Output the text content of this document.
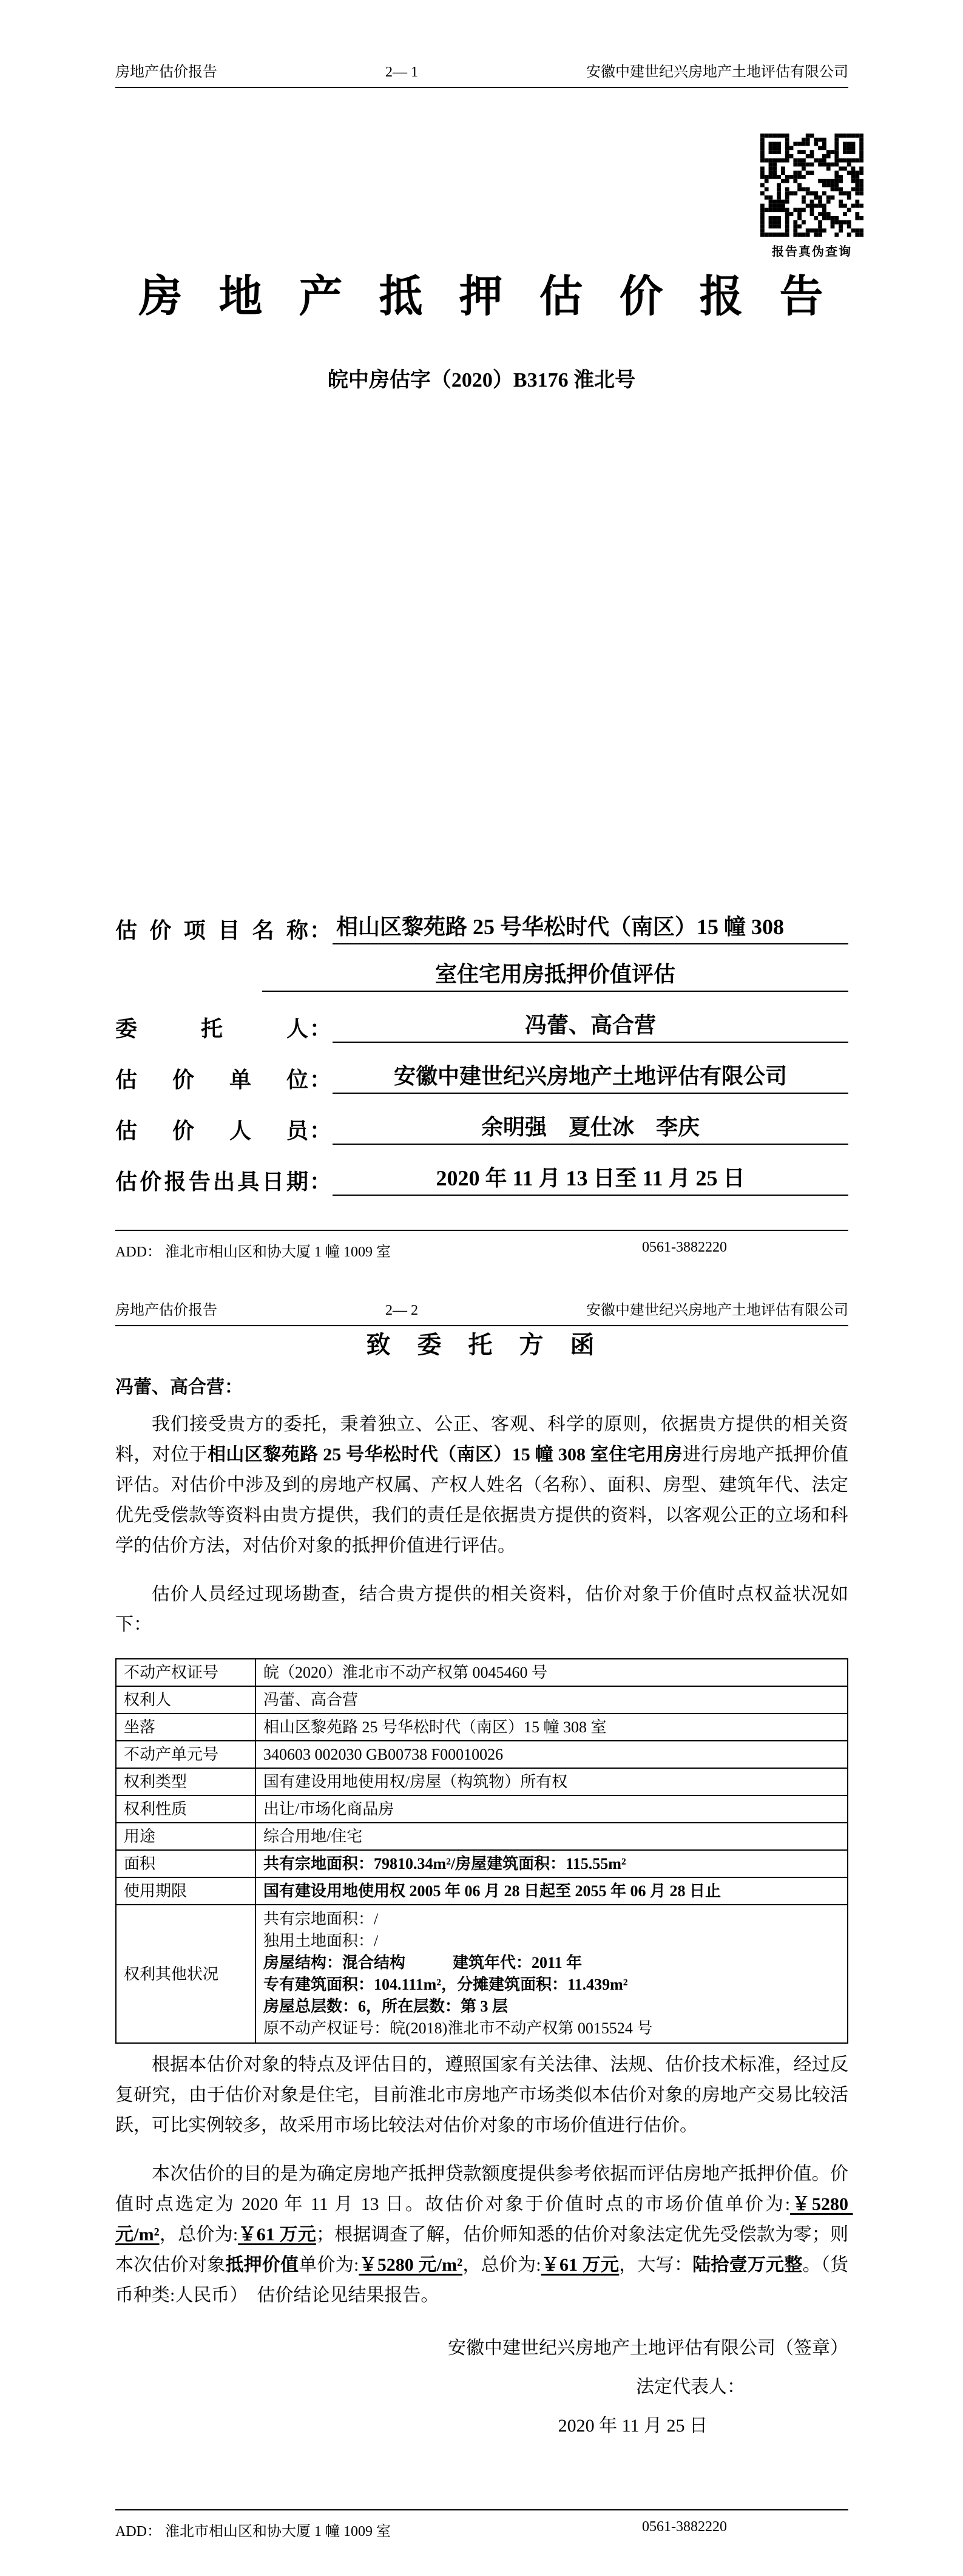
房地产估价报告	2— 1	安徽中建世纪兴房地产土地评估有限公司
报告真伪查询
房 地 产 抵 押 估 价 报 告
皖中房估字（2020）B3176 淮北号
估价项目名称 ： 相山区黎苑路 25 号华松时代（南区）15 幢 308
室住宅用房抵押价值评估
委托人 ：	冯蕾、高合营
估价单位 ：	安徽中建世纪兴房地产土地评估有限公司
估价人员 ：	余明强　夏仕冰　李庆
估价报告出具日期 ：	2020 年 11 月 13 日至 11 月 25 日
ADD： 淮北市相山区和协大厦 1 幢 1009 室	0561-3882220
房地产估价报告	2— 2	安徽中建世纪兴房地产土地评估有限公司
致 委 托 方 函
冯蕾、高合营：

我们接受贵方的委托，秉着独立、公正、客观、科学的原则，依据贵方提供的相关资料，对位于相山区黎苑路 25 号华松时代（南区）15 幢 308 室住宅用房进行房地产抵押价值评估。对估价中涉及到的房地产权属、产权人姓名（名称）、面积、房型、建筑年代、法定优先受偿款等资料由贵方提供，我们的责任是依据贵方提供的资料，以客观公正的立场和科学的估价方法，对估价对象的抵押价值进行评估。

估价人员经过现场勘查，结合贵方提供的相关资料，估价对象于价值时点权益状况如下：

不动产权证号	皖（2020）淮北市不动产权第 0045460 号
权利人	冯蕾、高合营
坐落	相山区黎苑路 25 号华松时代（南区）15 幢 308 室
不动产单元号	340603 002030 GB00738 F00010026
权利类型	国有建设用地使用权/房屋（构筑物）所有权
权利性质	出让/市场化商品房
用途	综合用地/住宅
面积	共有宗地面积：79810.34m²/房屋建筑面积：115.55m²
使用期限	国有建设用地使用权 2005 年 06 月 28 日起至 2055 年 06 月 28 日止
权利其他状况	
共有宗地面积：/
独用土地面积：/
房屋结构：混合结构　　　建筑年代：2011 年
专有建筑面积：104.111m²，分摊建筑面积：11.439m²
房屋总层数：6，所在层数：第 3 层
原不动产权证号：皖(2018)淮北市不动产权第 0015524 号

根据本估价对象的特点及评估目的，遵照国家有关法律、法规、估价技术标准，经过反复研究，由于估价对象是住宅，目前淮北市房地产市场类似本估价对象的房地产交易比较活跃，可比实例较多，故采用市场比较法对估价对象的市场价值进行估价。

本次估价的目的是为确定房地产抵押贷款额度提供参考依据而评估房地产抵押价值。价值时点选定为 2020 年 11 月 13 日。故估价对象于价值时点的市场价值单价为:￥5280 元/m²，总价为:￥61 万元；根据调查了解，估价师知悉的估价对象法定优先受偿款为零；则本次估价对象抵押价值单价为:￥5280 元/m²，总价为:￥61 万元，大写：陆拾壹万元整。（货币种类:人民币）　估价结论见结果报告。

安徽中建世纪兴房地产土地评估有限公司（签章）
法定代表人：
2020 年 11 月 25 日
ADD： 淮北市相山区和协大厦 1 幢 1009 室	0561-3882220
